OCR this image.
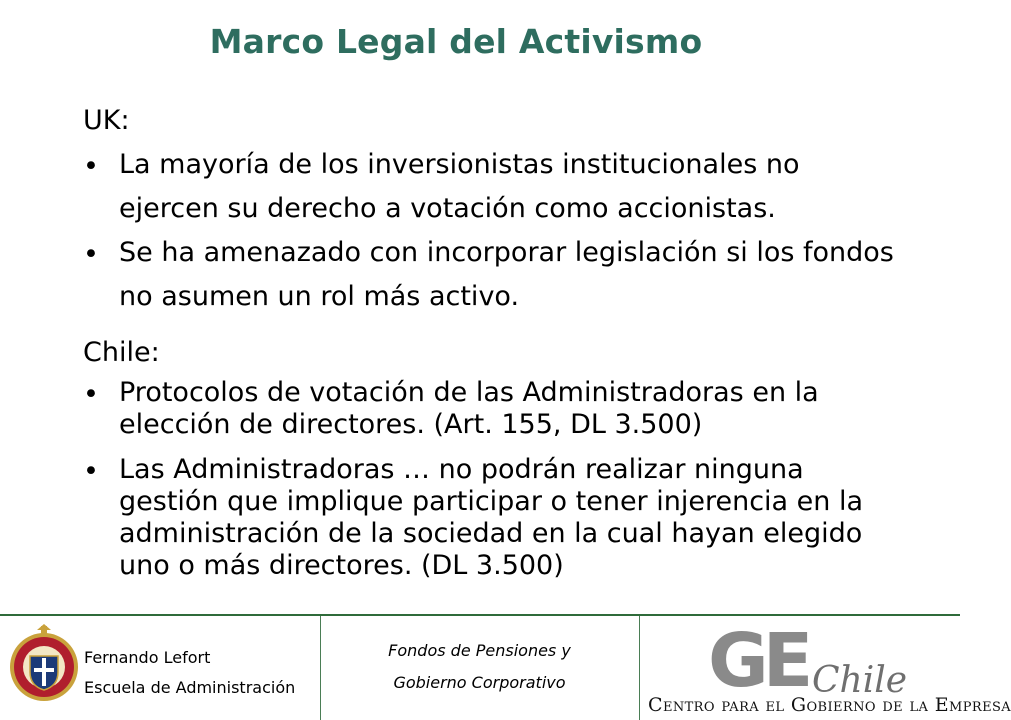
Marco Legal del Activismo
UK:
• La mayoría de los inversionistas institucionales no ejercen su derecho a votación como accionistas.
• Se ha amenazado con incorporar legislación si los fondos no asumen un rol más activo.
Chile:
• Protocolos de votación de las Administradoras en la elección de directores. (Art. 155, DL 3.500)
• Las Administradoras … no podrán realizar ninguna gestión que implique participar o tener injerencia en la administración de la sociedad en la cual hayan elegido uno o más directores. (DL 3.500)
Fernando Lefort
Escuela de Administración
Fondos de Pensiones y
Gobierno Corporativo	GE Chile
Centro para el Gobierno de la Empresa
